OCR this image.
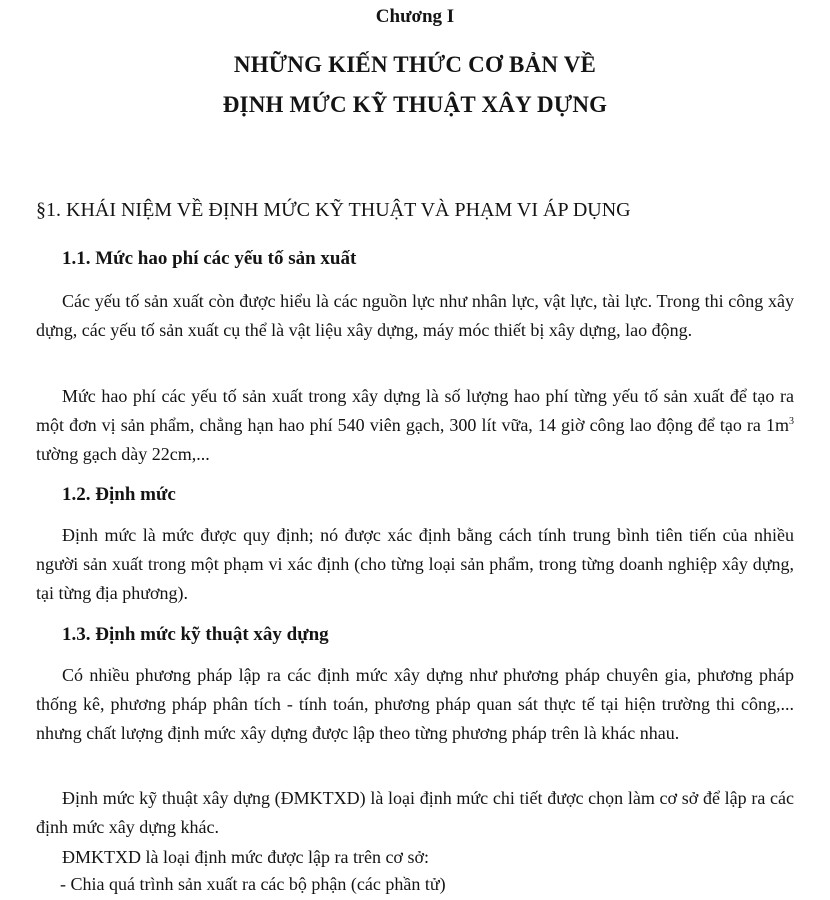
Chương I
NHỮNG KIẾN THỨC CƠ BẢN VỀ
ĐỊNH MỨC KỸ THUẬT XÂY DỰNG
§1. KHÁI NIỆM VỀ ĐỊNH MỨC KỸ THUẬT VÀ PHẠM VI ÁP DỤNG
1.1. Mức hao phí các yếu tố sản xuất

Các yếu tố sản xuất còn được hiểu là các nguồn lực như nhân lực, vật lực, tài lực. Trong thi công xây dựng, các yếu tố sản xuất cụ thể là vật liệu xây dựng, máy móc thiết bị xây dựng, lao động.

Mức hao phí các yếu tố sản xuất trong xây dựng là số lượng hao phí từng yếu tố sản xuất để tạo ra một đơn vị sản phẩm, chẳng hạn hao phí 540 viên gạch, 300 lít vữa, 14 giờ công lao động để tạo ra $1m^3$ tường gạch dày 22cm,...

1.2. Định mức

Định mức là mức được quy định; nó được xác định bằng cách tính trung bình tiên tiến của nhiều người sản xuất trong một phạm vi xác định (cho từng loại sản phẩm, trong từng doanh nghiệp xây dựng, tại từng địa phương).

1.3. Định mức kỹ thuật xây dựng

Có nhiều phương pháp lập ra các định mức xây dựng như phương pháp chuyên gia, phương pháp thống kê, phương pháp phân tích - tính toán, phương pháp quan sát thực tế tại hiện trường thi công,... nhưng chất lượng định mức xây dựng được lập theo từng phương pháp trên là khác nhau.

Định mức kỹ thuật xây dựng (ĐMKTXD) là loại định mức chi tiết được chọn làm cơ sở để lập ra các định mức xây dựng khác.

ĐMKTXD là loại định mức được lập ra trên cơ sở:
- Chia quá trình sản xuất ra các bộ phận (các phần tử)
